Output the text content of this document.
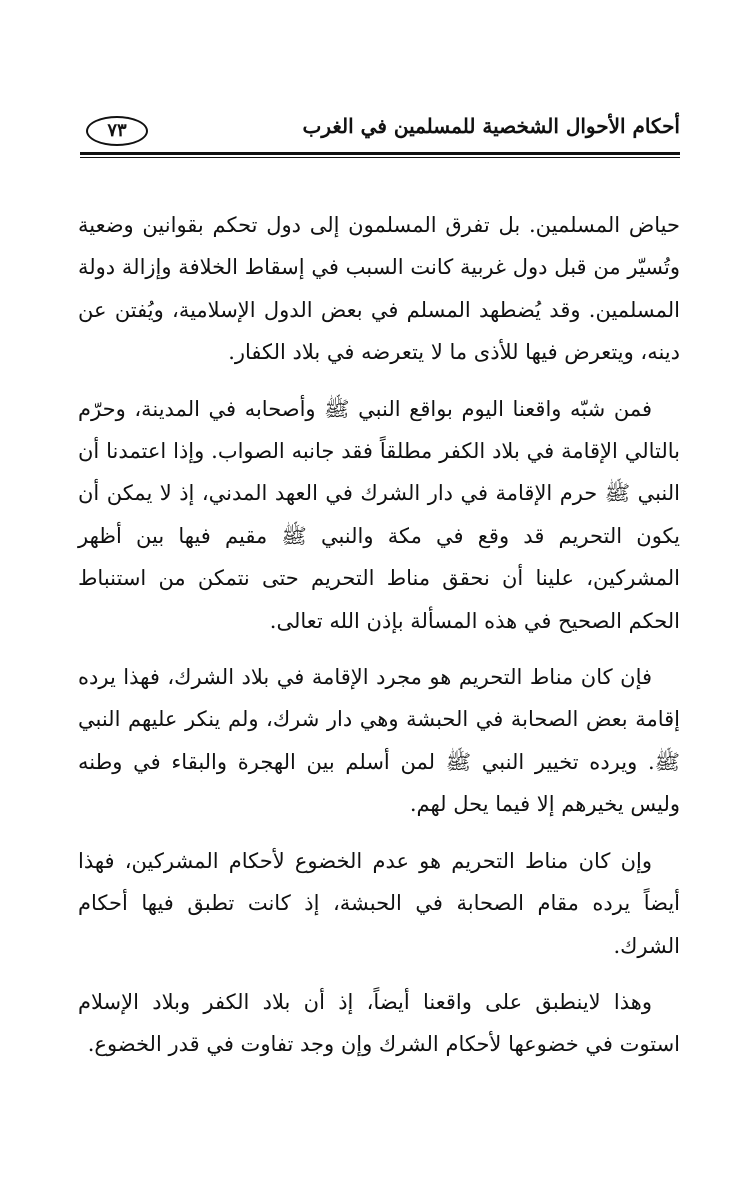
٧٣	أحكام الأحوال الشخصية للمسلمين في الغرب

حياض المسلمين. بل تفرق المسلمون إلى دول تحكم بقوانين وضعية وتُسيّر من قبل دول غربية كانت السبب في إسقاط الخلافة وإزالة دولة المسلمين. وقد يُضطهد المسلم في بعض الدول الإسلامية، ويُفتن عن دينه، ويتعرض فيها للأذى ما لا يتعرضه في بلاد الكفار.

فمن شبّه واقعنا اليوم بواقع النبي ﷺ وأصحابه في المدينة، وحرّم بالتالي الإقامة في بلاد الكفر مطلقاً فقد جانبه الصواب. وإذا اعتمدنا أن النبي ﷺ حرم الإقامة في دار الشرك في العهد المدني، إذ لا يمكن أن يكون التحريم قد وقع في مكة والنبي ﷺ مقيم فيها بين أظهر المشركين، علينا أن نحقق مناط التحريم حتى نتمكن من استنباط الحكم الصحيح في هذه المسألة بإذن الله تعالى.

فإن كان مناط التحريم هو مجرد الإقامة في بلاد الشرك، فهذا يرده إقامة بعض الصحابة في الحبشة وهي دار شرك، ولم ينكر عليهم النبي ﷺ. ويرده تخيير النبي ﷺ لمن أسلم بين الهجرة والبقاء في وطنه وليس يخيرهم إلا فيما يحل لهم.

وإن كان مناط التحريم هو عدم الخضوع لأحكام المشركين، فهذا أيضاً يرده مقام الصحابة في الحبشة، إذ كانت تطبق فيها أحكام الشرك.

وهذا لاينطبق على واقعنا أيضاً، إذ أن بلاد الكفر وبلاد الإسلام استوت في خضوعها لأحكام الشرك وإن وجد تفاوت في قدر الخضوع.
